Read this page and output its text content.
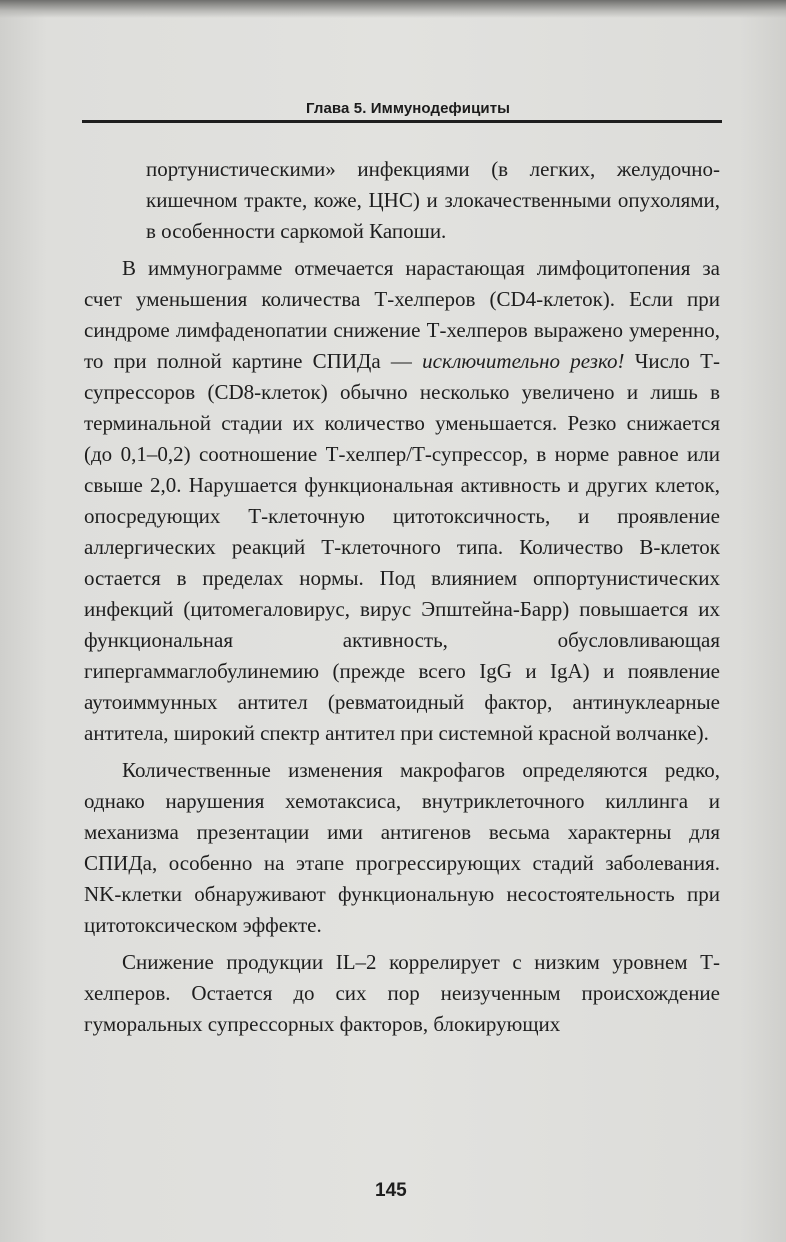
Глава 5. Иммунодефициты

портунистическими» инфекциями (в легких, желудочно-кишечном тракте, коже, ЦНС) и злокачественными опухолями, в особенности саркомой Капоши.

В иммунограмме отмечается нарастающая лимфоцитопения за счет уменьшения количества Т-хелперов (CD4-клеток). Если при синдроме лимфаденопатии снижение Т-хелперов выражено умеренно, то при полной картине СПИДа — исключительно резко! Число Т-супрессоров (CD8-клеток) обычно несколько увеличено и лишь в терминальной стадии их количество уменьшается. Резко снижается (до 0,1–0,2) соотношение Т-хелпер/Т-супрессор, в норме равное или свыше 2,0. Нарушается функциональная активность и других клеток, опосредующих Т-клеточную цитотоксичность, и проявление аллергических реакций Т-клеточного типа. Количество В-клеток остается в пределах нормы. Под влиянием оппортунистических инфекций (цитомегаловирус, вирус Эпштейна-Барр) повышается их функциональная активность, обусловливающая гипергаммаглобулинемию (прежде всего IgG и IgA) и появление аутоиммунных антител (ревматоидный фактор, антинуклеарные антитела, широкий спектр антител при системной красной волчанке).

Количественные изменения макрофагов определяются редко, однако нарушения хемотаксиса, внутриклеточного киллинга и механизма презентации ими антигенов весьма характерны для СПИДа, особенно на этапе прогрессирующих стадий заболевания. NK-клетки обнаруживают функциональную несостоятельность при цитотоксическом эффекте.

Снижение продукции IL–2 коррелирует с низким уровнем Т-хелперов. Остается до сих пор неизученным происхождение гуморальных супрессорных факторов, блокирующих

145
